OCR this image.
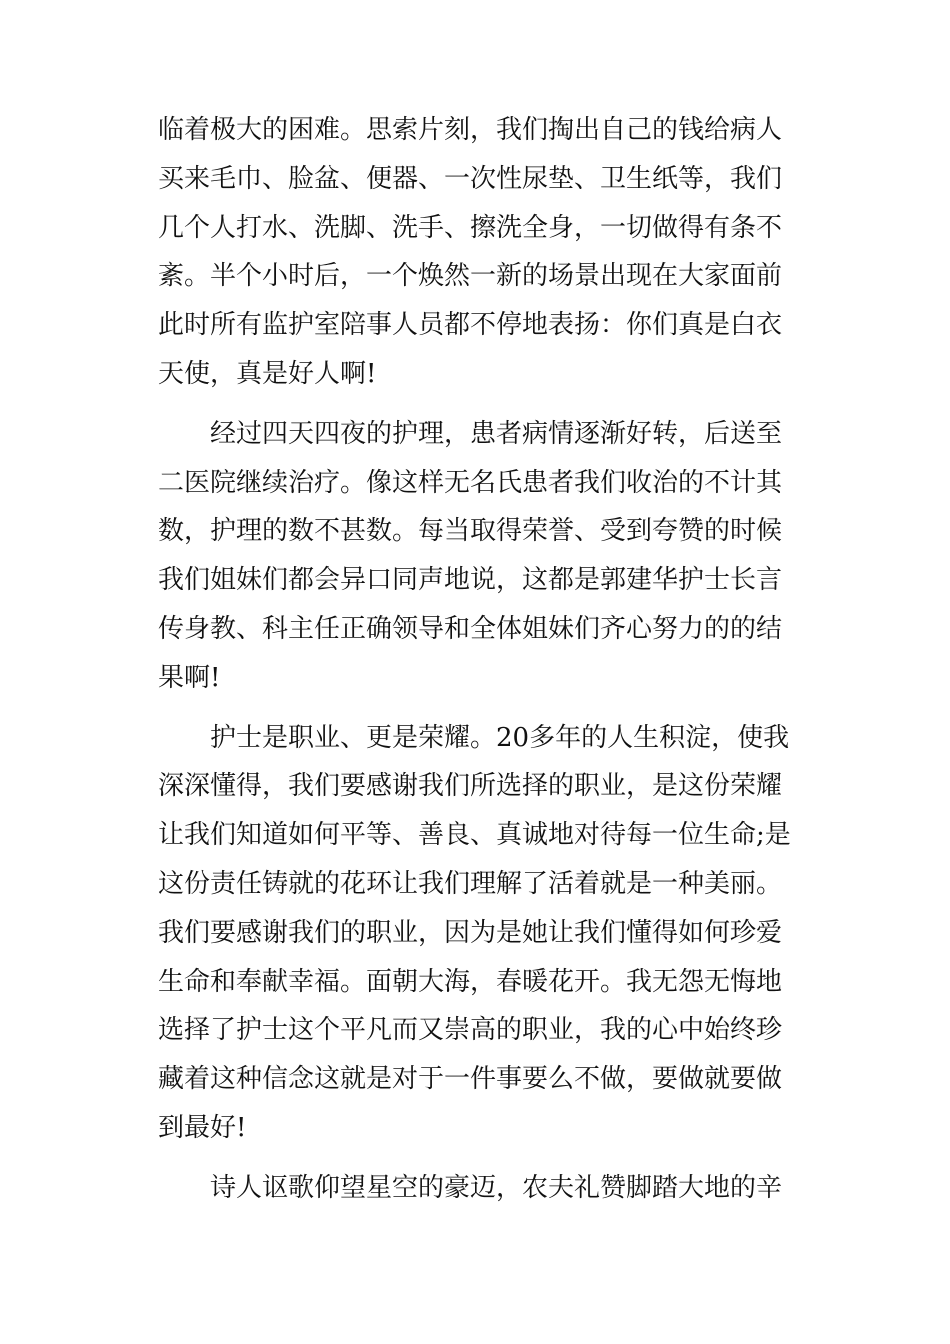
临着极大的困难。思索片刻，我们掏出自己的钱给病人
买来毛巾、脸盆、便器、一次性尿垫、卫生纸等，我们
几个人打水、洗脚、洗手、擦洗全身，一切做得有条不
紊。半个小时后，一个焕然一新的场景出现在大家面前
此时所有监护室陪事人员都不停地表扬：你们真是白衣
天使，真是好人啊!
经过四天四夜的护理，患者病情逐渐好转，后送至
二医院继续治疗。像这样无名氏患者我们收治的不计其
数，护理的数不甚数。每当取得荣誉、受到夸赞的时候
我们姐妹们都会异口同声地说，这都是郭建华护士长言
传身教、科主任正确领导和全体姐妹们齐心努力的的结
果啊!
护士是职业、更是荣耀。20多年的人生积淀，使我
深深懂得，我们要感谢我们所选择的职业，是这份荣耀
让我们知道如何平等、善良、真诚地对待每一位生命;是
这份责任铸就的花环让我们理解了活着就是一种美丽。
我们要感谢我们的职业，因为是她让我们懂得如何珍爱
生命和奉献幸福。面朝大海，春暖花开。我无怨无悔地
选择了护士这个平凡而又崇高的职业，我的心中始终珍
藏着这种信念这就是对于一件事要么不做，要做就要做
到最好!
诗人讴歌仰望星空的豪迈，农夫礼赞脚踏大地的辛
